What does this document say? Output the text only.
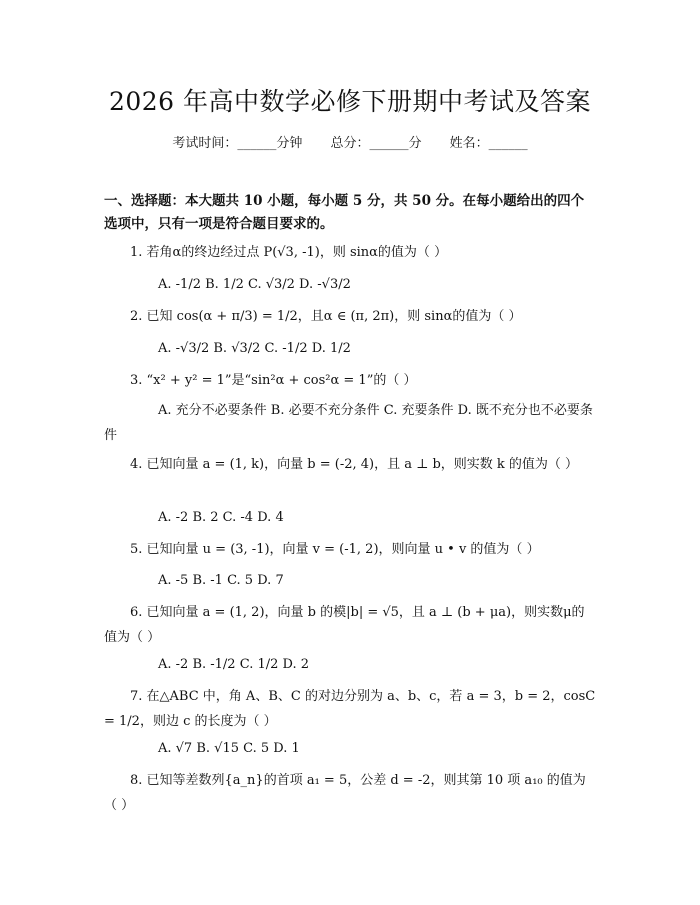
2026 年高中数学必修下册期中考试及答案
考试时间：______分钟 总分：______分 姓名：______
一、选择题：本大题共 10 小题，每小题 5 分，共 50 分。在每小题给出的四个选项中，只有一项是符合题目要求的。
1. 若角α的终边经过点 P(√3, -1)，则 sinα的值为（ ）
A. -1/2 B. 1/2 C. √3/2 D. -√3/2
2. 已知 cos(α + π/3) = 1/2，且α ∈ (π, 2π)，则 sinα的值为（ ）
A. -√3/2 B. √3/2 C. -1/2 D. 1/2
3. “x² + y² = 1”是“sin²α + cos²α = 1”的（ ）
A. 充分不必要条件 B. 必要不充分条件 C. 充要条件 D. 既不充分也不必要条件
4. 已知向量 a = (1, k)，向量 b = (-2, 4)，且 a ⊥ b，则实数 k 的值为（ ）
A. -2 B. 2 C. -4 D. 4
5. 已知向量 u = (3, -1)，向量 v = (-1, 2)，则向量 u • v 的值为（ ）
A. -5 B. -1 C. 5 D. 7
6. 已知向量 a = (1, 2)，向量 b 的模|b| = √5，且 a ⊥ (b + μa)，则实数μ的值为（ ）
A. -2 B. -1/2 C. 1/2 D. 2
7. 在△ABC 中，角 A、B、C 的对边分别为 a、b、c，若 a = 3，b = 2，cosC = 1/2，则边 c 的长度为（ ）
A. √7 B. √15 C. 5 D. 1
8. 已知等差数列{a_n}的首项 a₁ = 5，公差 d = -2，则其第 10 项 a₁₀ 的值为（ ）
